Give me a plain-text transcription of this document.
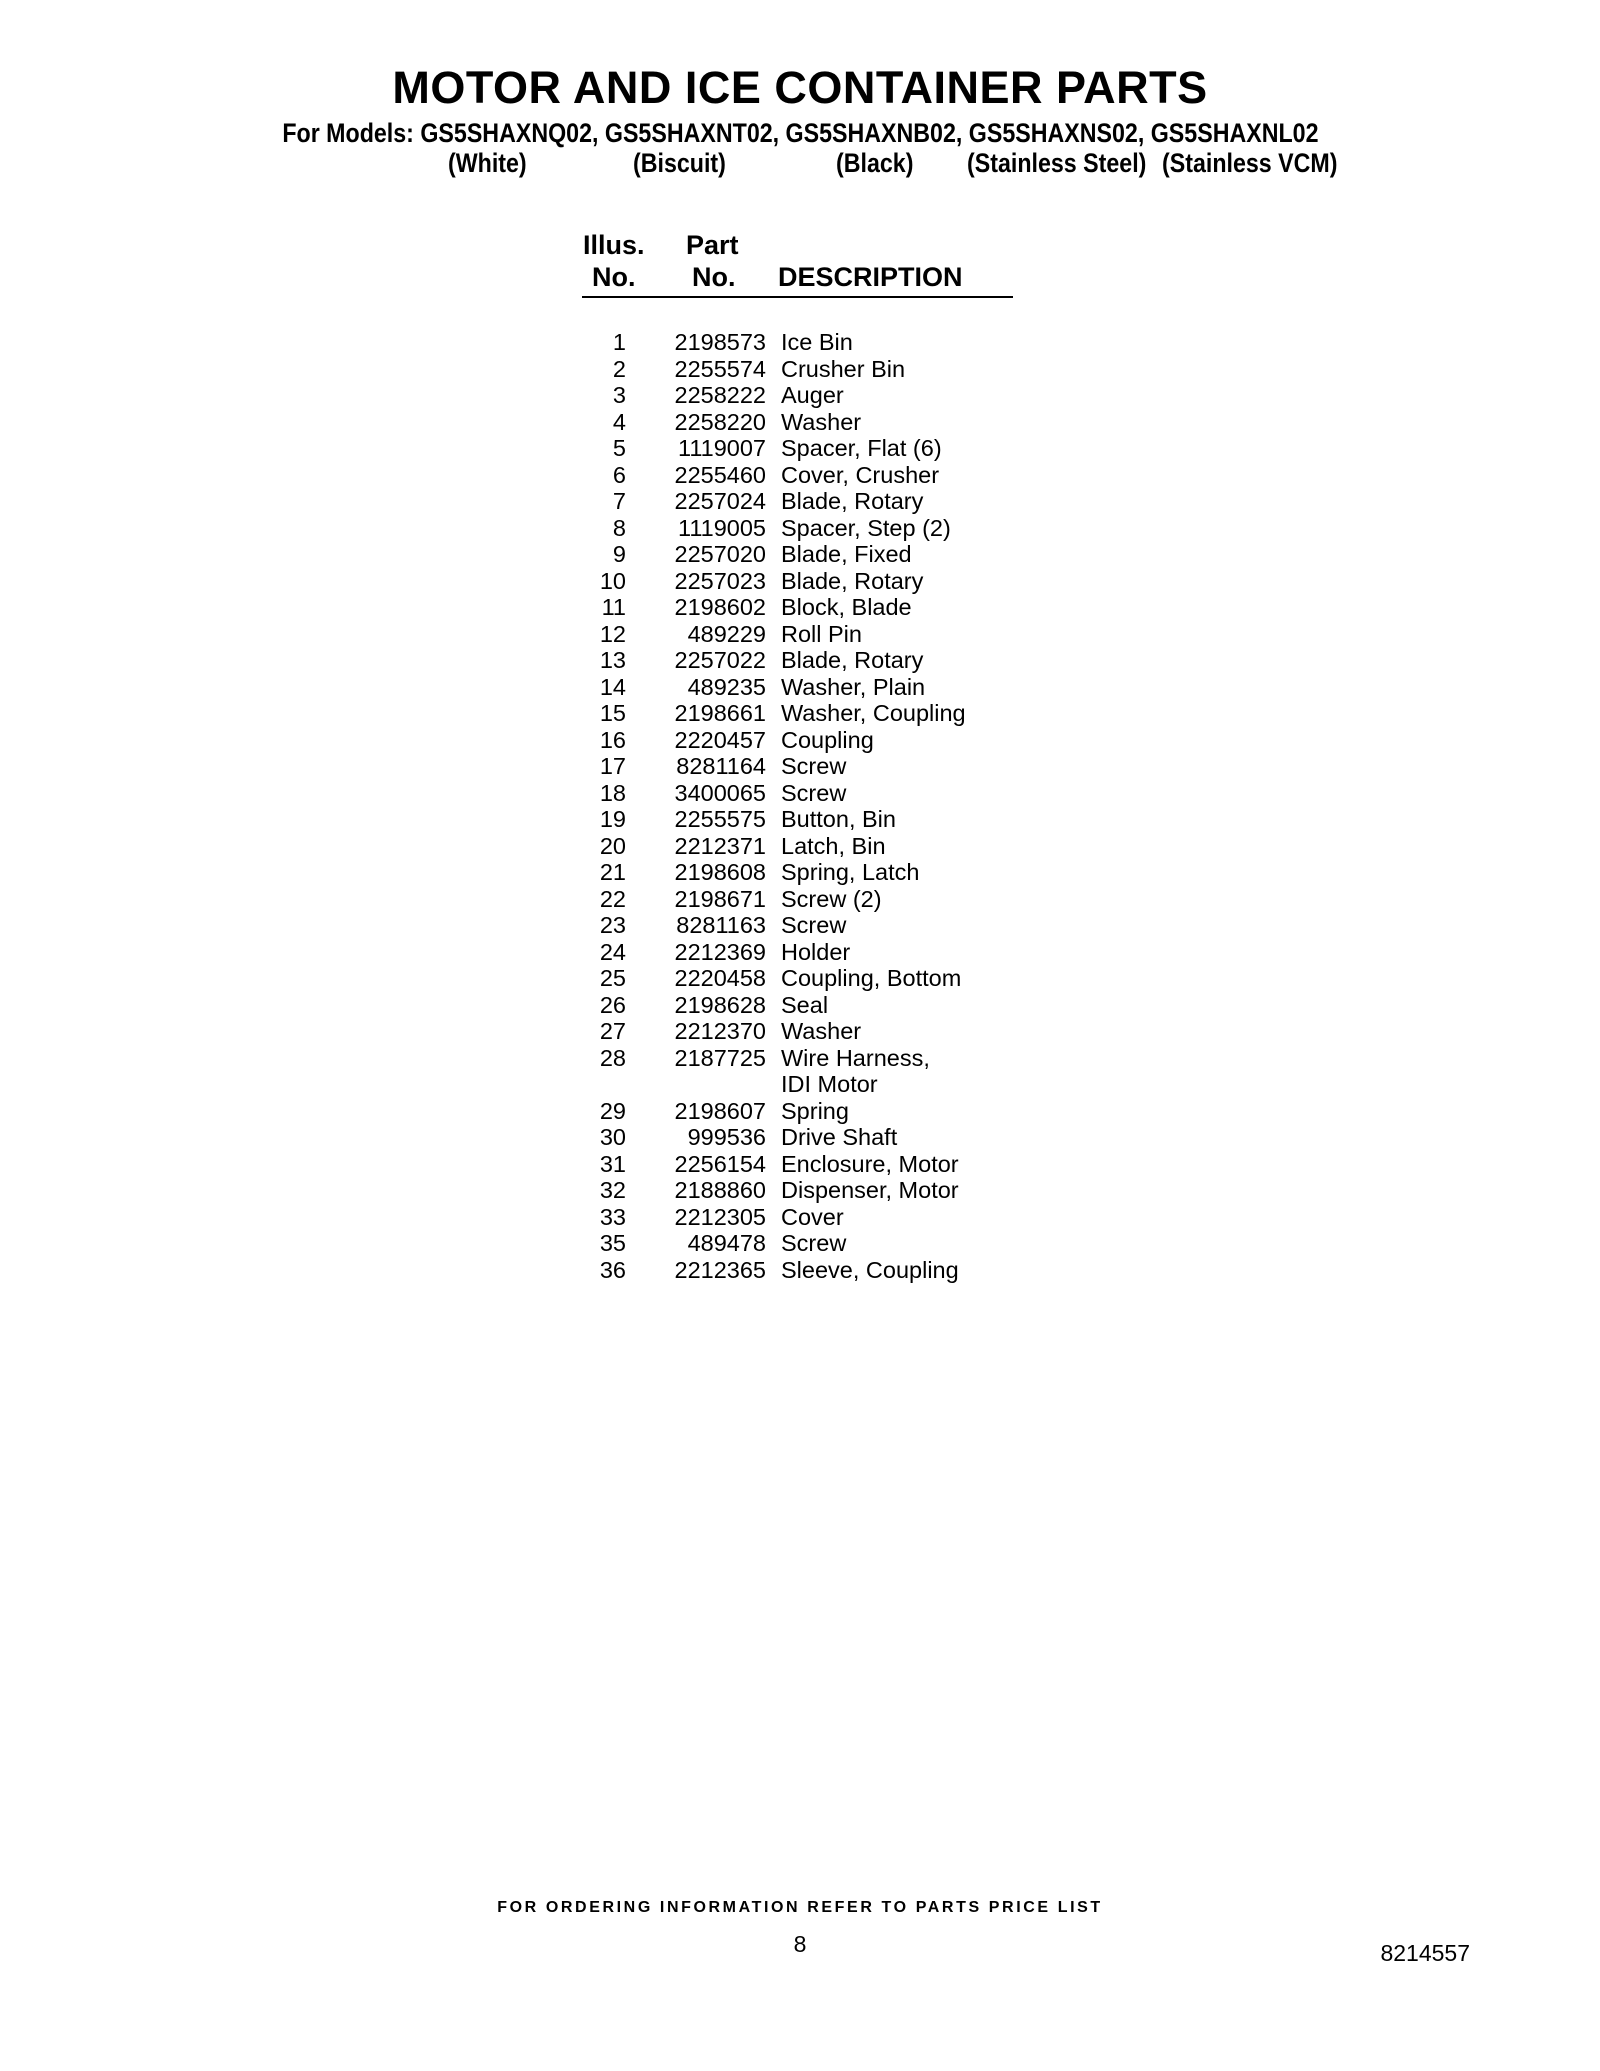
MOTOR AND ICE CONTAINER PARTS

For Models: GS5SHAXNQ02, GS5SHAXNT02, GS5SHAXNB02, GS5SHAXNS02, GS5SHAXNL02

(White)	(Biscuit)	(Black) (Stainless Steel) (Stainless VCM)
Illus.
No.
Part
No. DESCRIPTION
1	2198573 Ice Bin
2	2255574 Crusher Bin
3	2258222 Auger
4	2258220 Washer
5	1119007 Spacer, Flat (6)
6	2255460 Cover, Crusher
7	2257024 Blade, Rotary
8	1119005 Spacer, Step (2)
9	2257020 Blade, Fixed
10	2257023 Blade, Rotary
11	2198602 Block, Blade
12	489229 Roll Pin
13	2257022 Blade, Rotary
14	489235 Washer, Plain
15	2198661 Washer, Coupling
16	2220457 Coupling
17	8281164 Screw
18	3400065 Screw
19	2255575 Button, Bin
20	2212371 Latch, Bin
21	2198608 Spring, Latch
22	2198671 Screw (2)
23	8281163 Screw
24	2212369 Holder
25	2220458 Coupling, Bottom
26	2198628 Seal
27	2212370 Washer
28	2187725 Wire Harness,
IDI Motor
29	2198607 Spring
30	999536 Drive Shaft
31	2256154 Enclosure, Motor
32	2188860 Dispenser, Motor
33	2212305 Cover
35	489478 Screw
36	2212365 Sleeve, Coupling

FOR ORDERING INFORMATION REFER TO PARTS PRICE LIST

8	8214557
